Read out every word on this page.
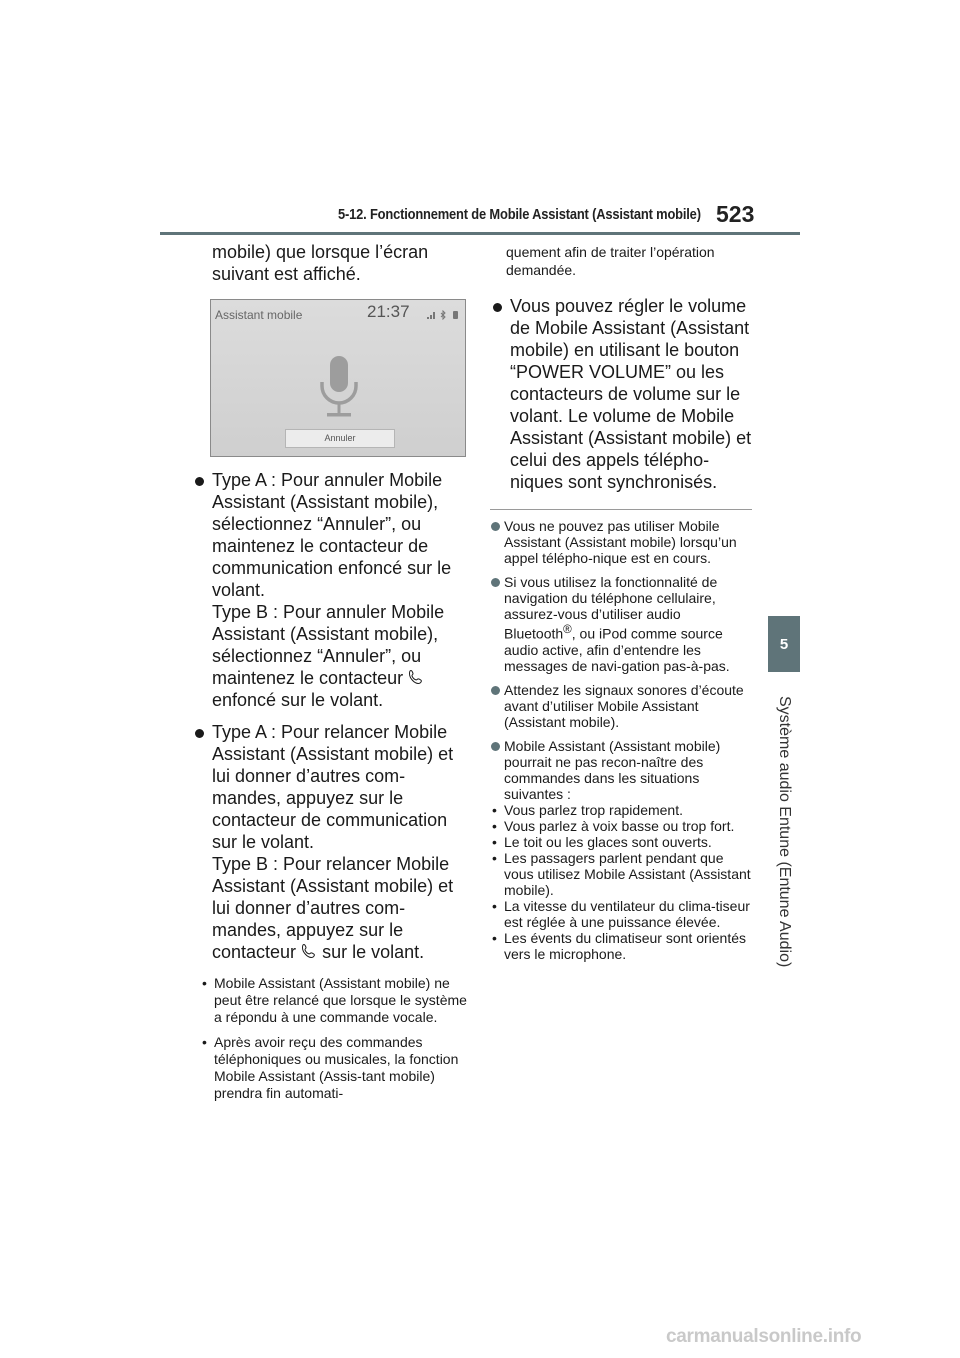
5-12. Fonctionnement de Mobile Assistant (Assistant mobile) 523
5
Système audio Entune (Entune Audio)

mobile) que lorsque l’écran

suivant est affiché.

Assistant mobile	21:37

Annuler

Type A : Pour annuler Mobile Assistant (Assistant mobile), sélectionnez “Annuler”, ou maintenez le contacteur de communication enfoncé sur le volant.

Type B : Pour annuler Mobile Assistant (Assistant mobile), sélectionnez “Annuler”, ou maintenez le contacteur  enfoncé sur le volant.

Type A : Pour relancer Mobile Assistant (Assistant mobile) et lui donner d’autres com-mandes, appuyez sur le contacteur de communication sur le volant.

Type B : Pour relancer Mobile Assistant (Assistant mobile) et lui donner d’autres com-mandes, appuyez sur le contacteur sur le volant.

• Mobile Assistant (Assistant mobile) ne peut être relancé que lorsque le système a répondu à une commande vocale.
• Après avoir reçu des commandes téléphoniques ou musicales, la fonction Mobile Assistant (Assis-tant mobile) prendra fin automati-

quement afin de traiter l’opération demandée.

Vous pouvez régler le volume de Mobile Assistant (Assistant mobile) en utilisant le bouton “POWER VOLUME” ou les contacteurs de volume sur le volant. Le volume de Mobile Assistant (Assistant mobile) et celui des appels télépho-niques sont synchronisés.

Vous ne pouvez pas utiliser Mobile Assistant (Assistant mobile) lorsqu’un appel télépho-nique est en cours.
Si vous utilisez la fonctionnalité de navigation du téléphone cellulaire, assurez-vous d’utiliser audio Bluetooth®, ou iPod comme source audio active, afin d’entendre les messages de navi-gation pas-à-pas.
Attendez les signaux sonores d’écoute avant d’utiliser Mobile Assistant (Assistant mobile).
Mobile Assistant (Assistant mobile) pourrait ne pas recon-naître des commandes dans les situations suivantes :
• Vous parlez trop rapidement.
• Vous parlez à voix basse ou trop fort.
• Le toit ou les glaces sont ouverts.
• Les passagers parlent pendant que vous utilisez Mobile Assistant (Assistant mobile).
• La vitesse du ventilateur du clima-tiseur est réglée à une puissance élevée.
• Les évents du climatiseur sont orientés vers le microphone.
carmanualsonline.info
